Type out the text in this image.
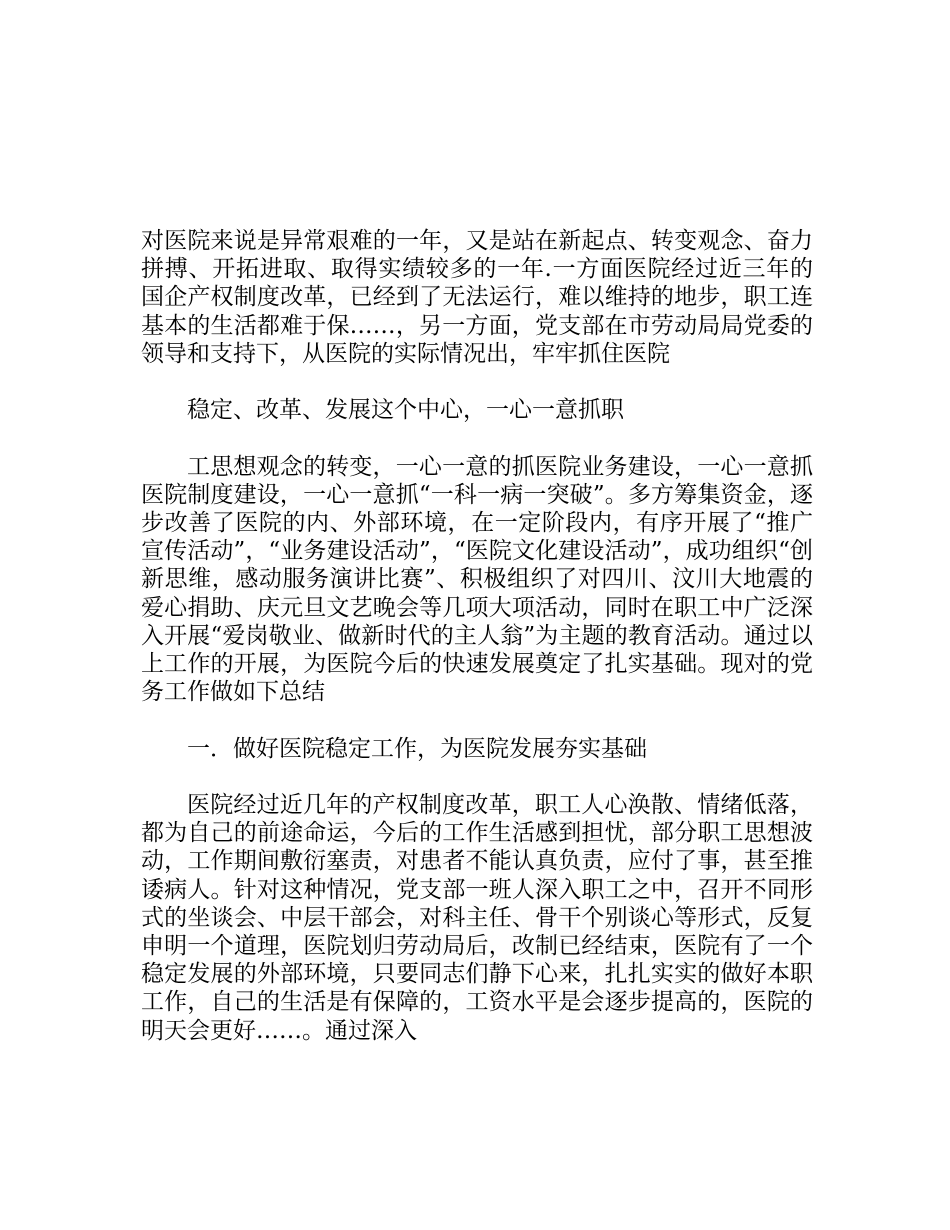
对医院来说是异常艰难的一年，又是站在新起点、转变观念、奋力拼搏、开拓进取、取得实绩较多的一年.一方面医院经过近三年的国企产权制度改革，已经到了无法运行，难以维持的地步，职工连基本的生活都难于保……，另一方面，党支部在市劳动局局党委的领导和支持下，从医院的实际情况出，牢牢抓住医院

稳定、改革、发展这个中心，一心一意抓职

工思想观念的转变，一心一意的抓医院业务建设，一心一意抓医院制度建设，一心一意抓“一科一病一突破”。多方筹集资金，逐步改善了医院的内、外部环境，在一定阶段内，有序开展了“推广宣传活动”，“业务建设活动”，“医院文化建设活动”，成功组织“创新思维，感动服务演讲比赛”、积极组织了对四川、汶川大地震的爱心捐助、庆元旦文艺晚会等几项大项活动，同时在职工中广泛深入开展“爱岗敬业、做新时代的主人翁”为主题的教育活动。通过以上工作的开展，为医院今后的快速发展奠定了扎实基础。现对的党务工作做如下总结

一．做好医院稳定工作，为医院发展夯实基础

医院经过近几年的产权制度改革，职工人心涣散、情绪低落，都为自己的前途命运，今后的工作生活感到担忧，部分职工思想波动，工作期间敷衍塞责，对患者不能认真负责，应付了事，甚至推诿病人。针对这种情况，党支部一班人深入职工之中，召开不同形式的坐谈会、中层干部会，对科主任、骨干个别谈心等形式，反复申明一个道理，医院划归劳动局后，改制已经结束，医院有了一个稳定发展的外部环境，只要同志们静下心来，扎扎实实的做好本职工作，自己的生活是有保障的，工资水平是会逐步提高的，医院的明天会更好……。通过深入
